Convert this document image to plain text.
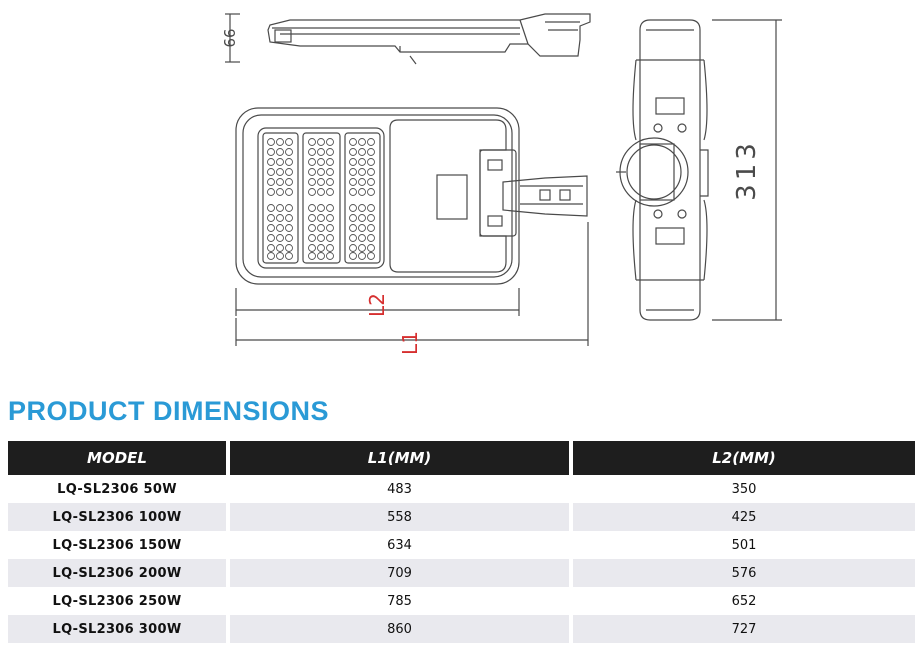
99
313
L2
L1
PRODUCT DIMENSIONS
MODEL	L1(MM)	L2(MM)
LQ-SL2306 50W	483	350
LQ-SL2306 100W	558	425
LQ-SL2306 150W	634	501
LQ-SL2306 200W	709	576
LQ-SL2306 250W	785	652
LQ-SL2306 300W	860	727
